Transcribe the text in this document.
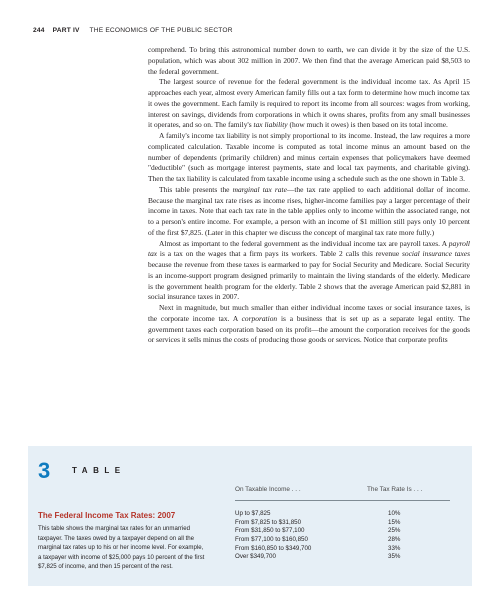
244 PART IV THE ECONOMICS OF THE PUBLIC SECTOR

comprehend. To bring this astronomical number down to earth, we can divide it by the size of the U.S. population, which was about 302 million in 2007. We then find that the average American paid $8,503 to the federal government.

The largest source of revenue for the federal government is the individual income tax. As April 15 approaches each year, almost every American family fills out a tax form to determine how much income tax it owes the government. Each family is required to report its income from all sources: wages from working, interest on savings, dividends from corporations in which it owns shares, profits from any small businesses it operates, and so on. The family's tax liability (how much it owes) is then based on its total income.

A family's income tax liability is not simply proportional to its income. Instead, the law requires a more complicated calculation. Taxable income is computed as total income minus an amount based on the number of dependents (primarily children) and minus certain expenses that policymakers have deemed "deductible" (such as mortgage interest payments, state and local tax payments, and charitable giving). Then the tax liability is calculated from taxable income using a schedule such as the one shown in Table 3.

This table presents the marginal tax rate—the tax rate applied to each additional dollar of income. Because the marginal tax rate rises as income rises, higher-income families pay a larger percentage of their income in taxes. Note that each tax rate in the table applies only to income within the associated range, not to a person's entire income. For example, a person with an income of $1 million still pays only 10 percent of the first $7,825. (Later in this chapter we discuss the concept of marginal tax rate more fully.)

Almost as important to the federal government as the individual income tax are payroll taxes. A payroll tax is a tax on the wages that a firm pays its workers. Table 2 calls this revenue social insurance taxes because the revenue from these taxes is earmarked to pay for Social Security and Medicare. Social Security is an income-support program designed primarily to maintain the living standards of the elderly. Medicare is the government health program for the elderly. Table 2 shows that the average American paid $2,881 in social insurance taxes in 2007.

Next in magnitude, but much smaller than either individual income taxes or social insurance taxes, is the corporate income tax. A corporation is a business that is set up as a separate legal entity. The government taxes each corporation based on its profit—the amount the corporation receives for the goods or services it sells minus the costs of producing those goods or services. Notice that corporate profits

3	TABLE
The Federal Income Tax Rates: 2007
This table shows the marginal tax rates for an unmarried taxpayer. The taxes owed by a taxpayer depend on all the marginal tax rates up to his or her income level. For example, a taxpayer with income of $25,000 pays 10 percent of the first $7,825 of income, and then 15 percent of the rest.
On Taxable Income . . .	The Tax Rate Is . . .
Up to $7,825	10%
From $7,825 to $31,850	15%
From $31,850 to $77,100	25%
From $77,100 to $160,850	28%
From $160,850 to $349,700	33%
Over $349,700	35%
